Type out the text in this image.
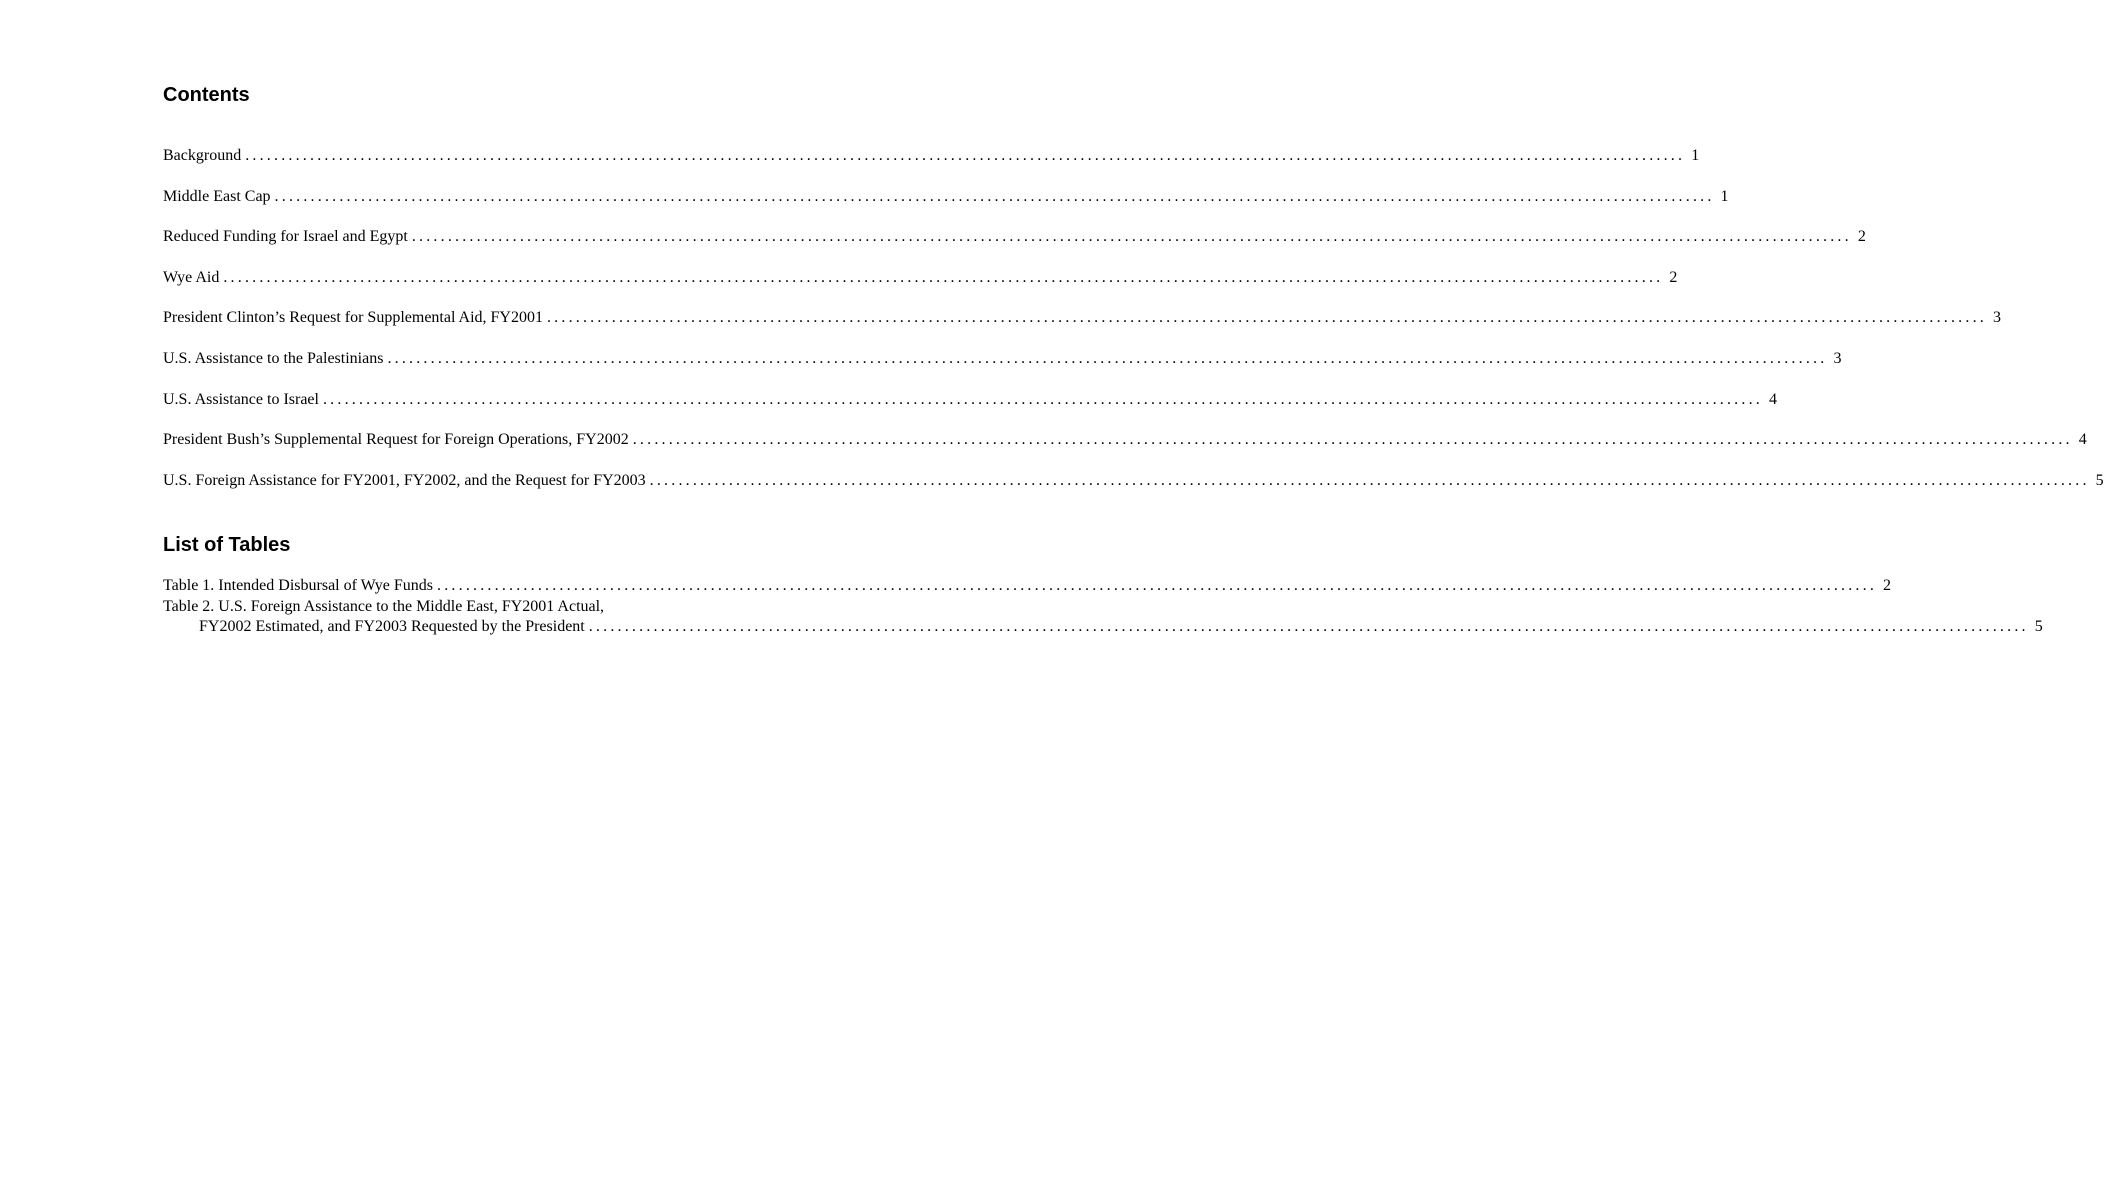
Contents
Background ........................................................................................................................................................................................................ 1
Middle East Cap ........................................................................................................................................................................................................ 1
Reduced Funding for Israel and Egypt ........................................................................................................................................................................................................ 2
Wye Aid ........................................................................................................................................................................................................ 2
President Clinton’s Request for Supplemental Aid, FY2001 ........................................................................................................................................................................................................ 3
U.S. Assistance to the Palestinians ........................................................................................................................................................................................................ 3
U.S. Assistance to Israel ........................................................................................................................................................................................................ 4
President Bush’s Supplemental Request for Foreign Operations, FY2002 ........................................................................................................................................................................................................ 4
U.S. Foreign Assistance for FY2001, FY2002, and the Request for FY2003 ........................................................................................................................................................................................................ 5
List of Tables
Table 1. Intended Disbursal of Wye Funds ........................................................................................................................................................................................................ 2
Table 2. U.S. Foreign Assistance to the Middle East, FY2001 Actual,
FY2002 Estimated, and FY2003 Requested by the President ........................................................................................................................................................................................................ 5
